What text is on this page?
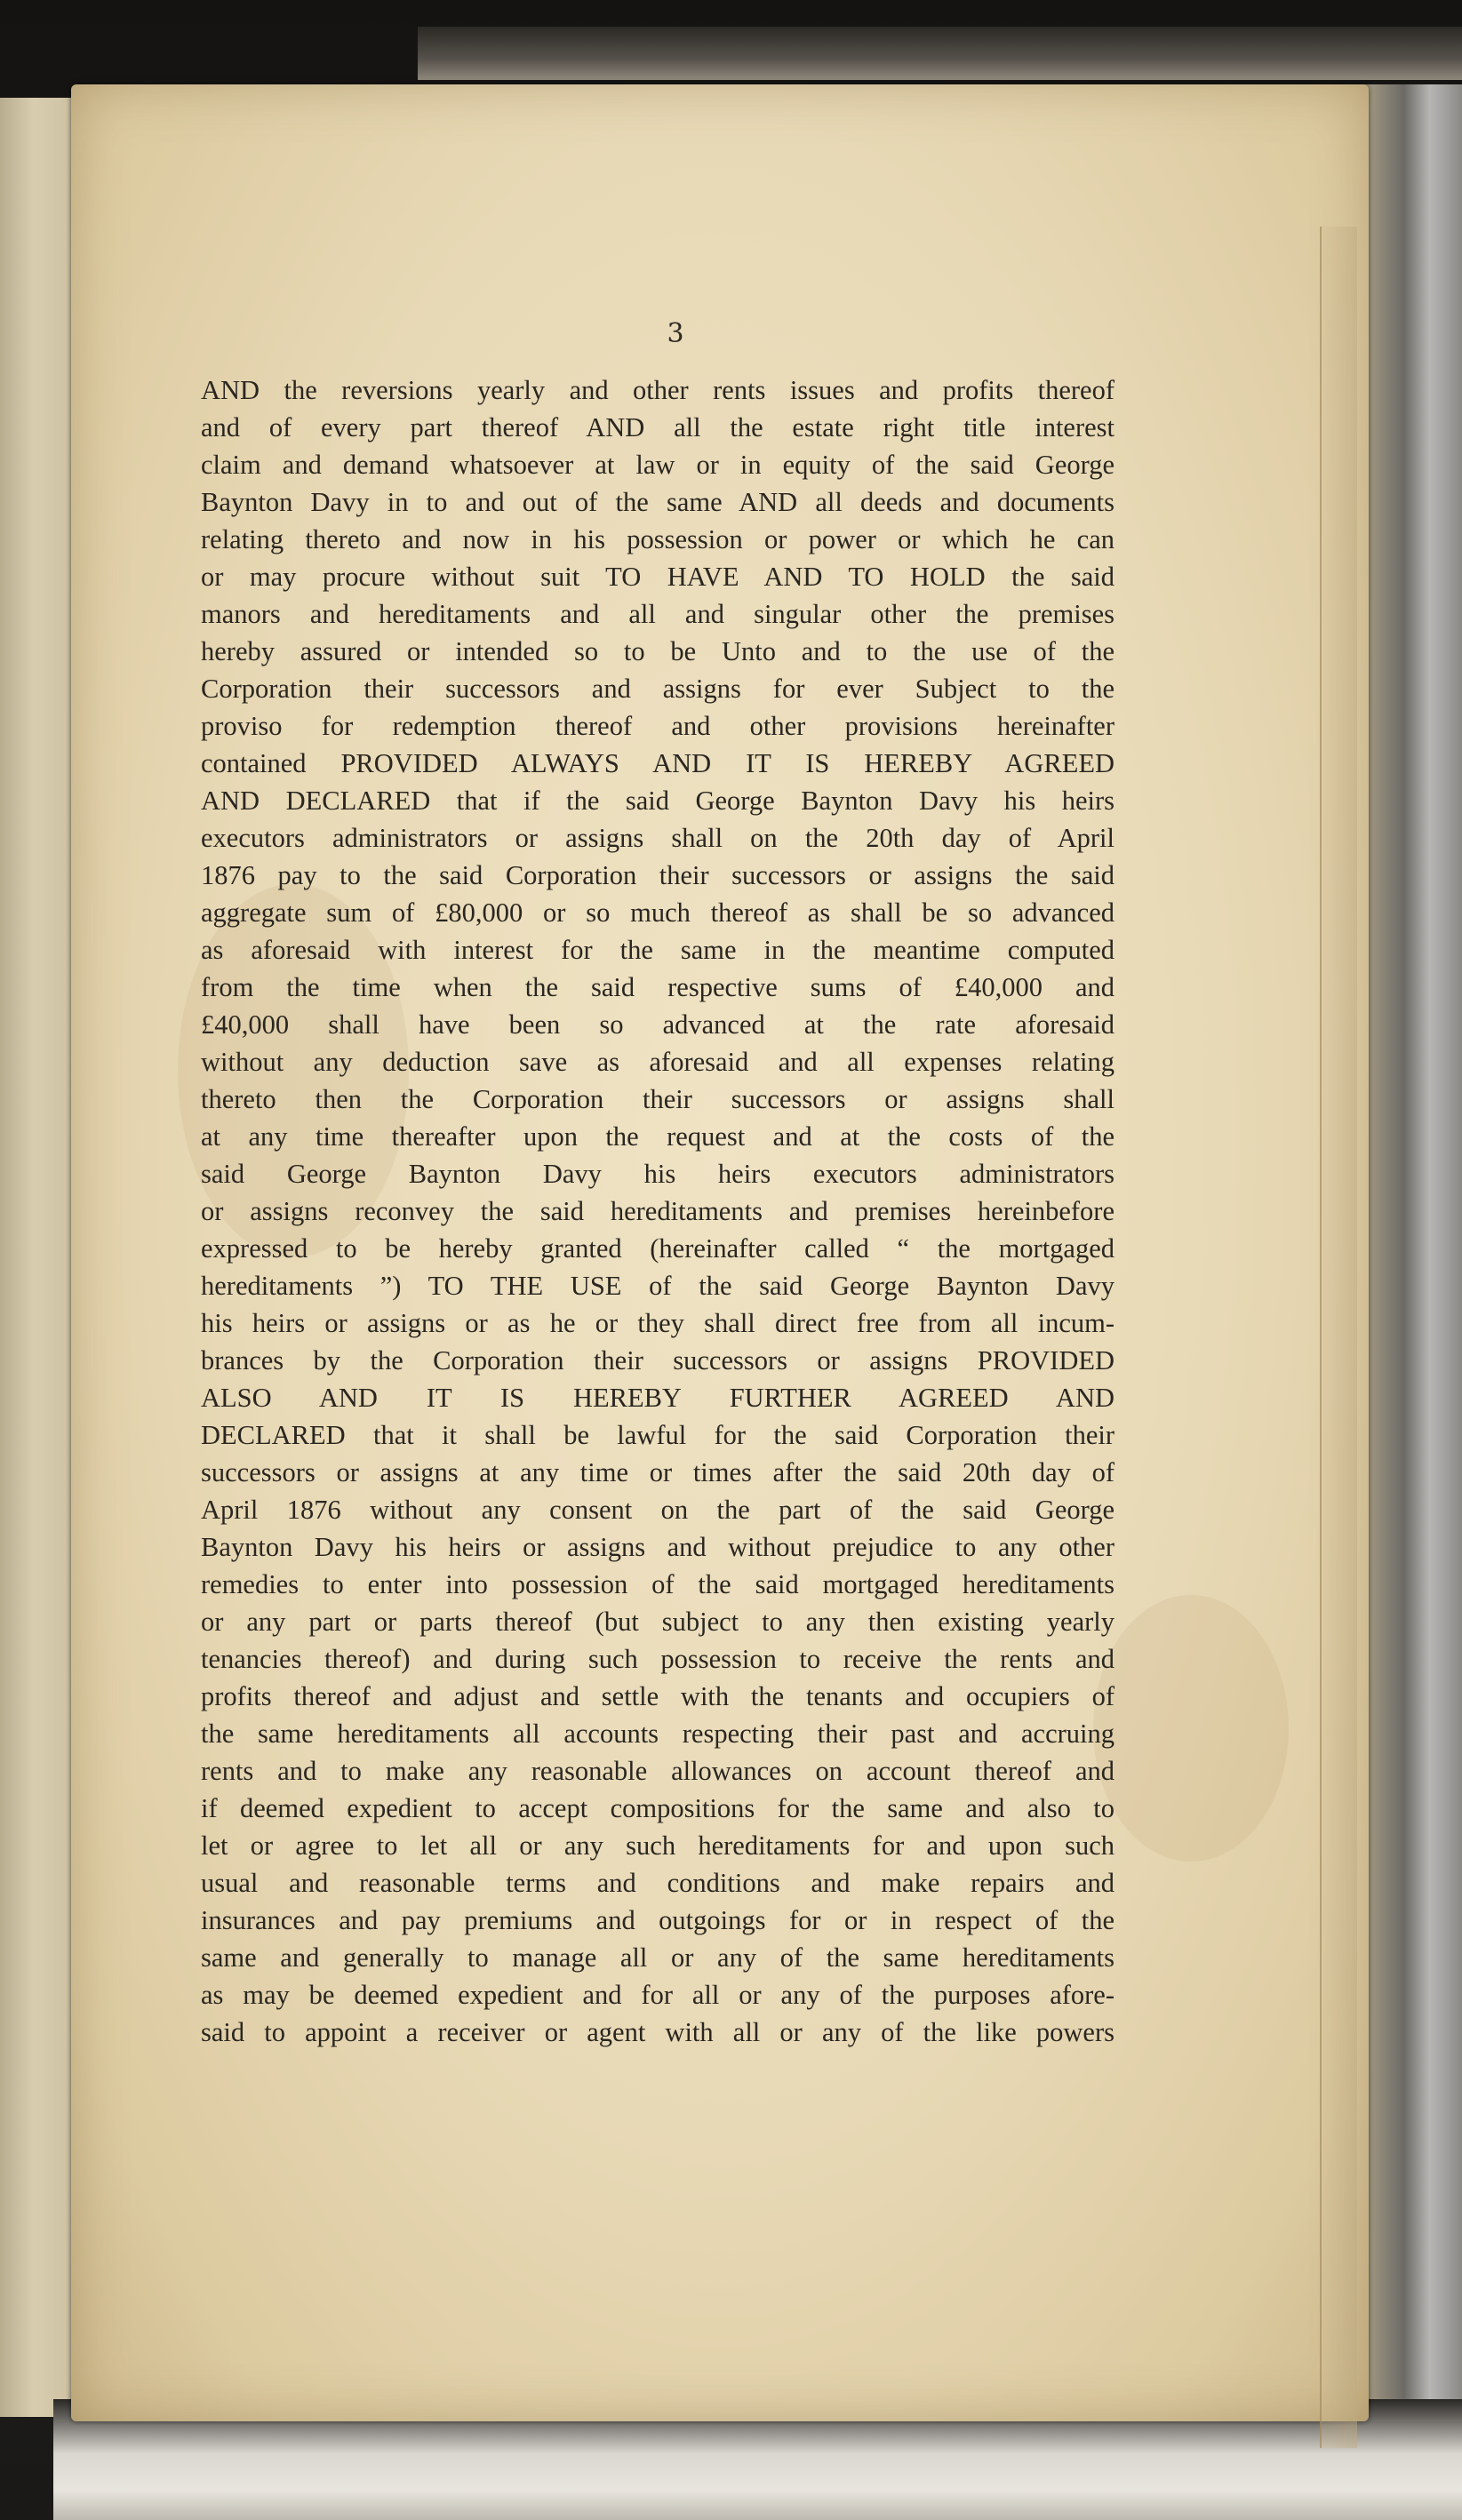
3
AND the reversions yearly and other rents issues and profits thereof
and of every part thereof AND all the estate right title interest
claim and demand whatsoever at law or in equity of the said George
Baynton Davy in to and out of the same AND all deeds and documents
relating thereto and now in his possession or power or which he can
or may procure without suit TO HAVE AND TO HOLD the said
manors and hereditaments and all and singular other the premises
hereby assured or intended so to be Unto and to the use of the
Corporation their successors and assigns for ever Subject to the
proviso for redemption thereof and other provisions hereinafter
contained PROVIDED ALWAYS AND IT IS HEREBY AGREED
AND DECLARED that if the said George Baynton Davy his heirs
executors administrators or assigns shall on the 20th day of April
1876 pay to the said Corporation their successors or assigns the said
aggregate sum of £80,000 or so much thereof as shall be so advanced
as aforesaid with interest for the same in the meantime computed
from the time when the said respective sums of £40,000 and
£40,000 shall have been so advanced at the rate aforesaid
without any deduction save as aforesaid and all expenses relating
thereto then the Corporation their successors or assigns shall
at any time thereafter upon the request and at the costs of the
said George Baynton Davy his heirs executors administrators
or assigns reconvey the said hereditaments and premises hereinbefore
expressed to be hereby granted (hereinafter called “ the mortgaged
hereditaments ”) TO THE USE of the said George Baynton Davy
his heirs or assigns or as he or they shall direct free from all incum-
brances by the Corporation their successors or assigns PROVIDED
ALSO AND IT IS HEREBY FURTHER AGREED AND
DECLARED that it shall be lawful for the said Corporation their
successors or assigns at any time or times after the said 20th day of
April 1876 without any consent on the part of the said George
Baynton Davy his heirs or assigns and without prejudice to any other
remedies to enter into possession of the said mortgaged hereditaments
or any part or parts thereof (but subject to any then existing yearly
tenancies thereof) and during such possession to receive the rents and
profits thereof and adjust and settle with the tenants and occupiers of
the same hereditaments all accounts respecting their past and accruing
rents and to make any reasonable allowances on account thereof and
if deemed expedient to accept compositions for the same and also to
let or agree to let all or any such hereditaments for and upon such
usual and reasonable terms and conditions and make repairs and
insurances and pay premiums and outgoings for or in respect of the
same and generally to manage all or any of the same hereditaments
as may be deemed expedient and for all or any of the purposes afore-
said to appoint a receiver or agent with all or any of the like powers
